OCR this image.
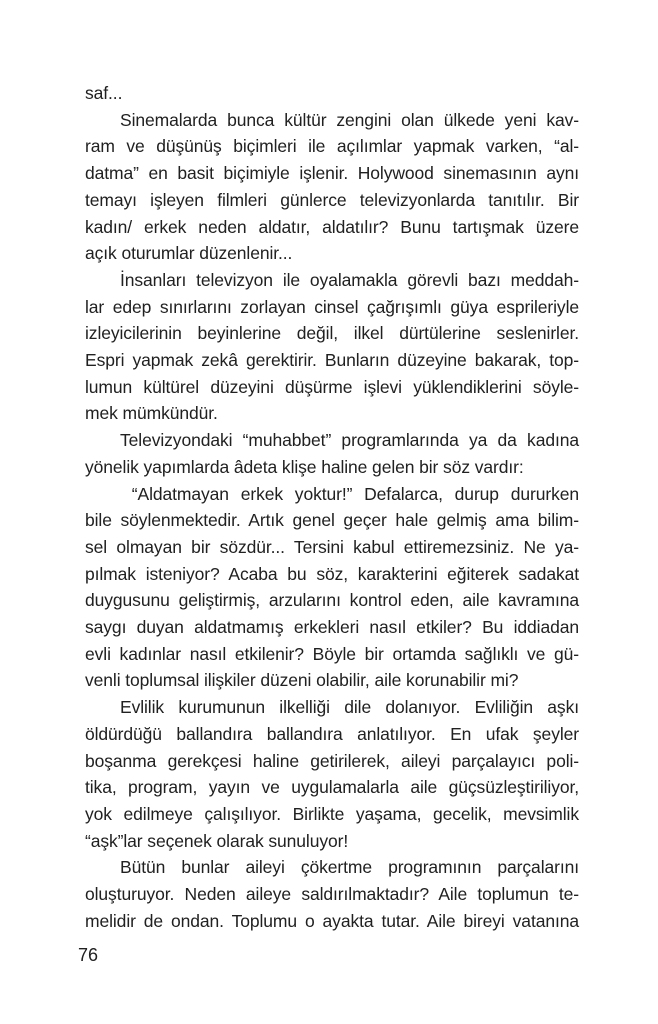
saf...

Sinemalarda bunca kültür zengini olan ülkede yeni kav-
ram ve düşünüş biçimleri ile açılımlar yapmak varken, “al-
datma” en basit biçimiyle işlenir. Holywood sinemasının aynı
temayı işleyen filmleri günlerce televizyonlarda tanıtılır. Bir
kadın/ erkek neden aldatır, aldatılır? Bunu tartışmak üzere
açık oturumlar düzenlenir...

İnsanları televizyon ile oyalamakla görevli bazı meddah-
lar edep sınırlarını zorlayan cinsel çağrışımlı güya esprileriyle
izleyicilerinin beyinlerine değil, ilkel dürtülerine seslenirler.
Espri yapmak zekâ gerektirir. Bunların düzeyine bakarak, top-
lumun kültürel düzeyini düşürme işlevi yüklendiklerini söyle-
mek mümkündür.

Televizyondaki “muhabbet” programlarında ya da kadına
yönelik yapımlarda âdeta klişe haline gelen bir söz vardır:

“Aldatmayan erkek yoktur!” Defalarca, durup dururken
bile söylenmektedir. Artık genel geçer hale gelmiş ama bilim-
sel olmayan bir sözdür... Tersini kabul ettiremezsiniz. Ne ya-
pılmak isteniyor? Acaba bu söz, karakterini eğiterek sadakat
duygusunu geliştirmiş, arzularını kontrol eden, aile kavramına
saygı duyan aldatmamış erkekleri nasıl etkiler? Bu iddiadan
evli kadınlar nasıl etkilenir? Böyle bir ortamda sağlıklı ve gü-
venli toplumsal ilişkiler düzeni olabilir, aile korunabilir mi?

Evlilik kurumunun ilkelliği dile dolanıyor. Evliliğin aşkı
öldürdüğü ballandıra ballandıra anlatılıyor. En ufak şeyler
boşanma gerekçesi haline getirilerek, aileyi parçalayıcı poli-
tika, program, yayın ve uygulamalarla aile güçsüzleştiriliyor,
yok edilmeye çalışılıyor. Birlikte yaşama, gecelik, mevsimlik
“aşk”lar seçenek olarak sunuluyor!

Bütün bunlar aileyi çökertme programının parçalarını
oluşturuyor. Neden aileye saldırılmaktadır? Aile toplumun te-
melidir de ondan. Toplumu o ayakta tutar. Aile bireyi vatanına

76
